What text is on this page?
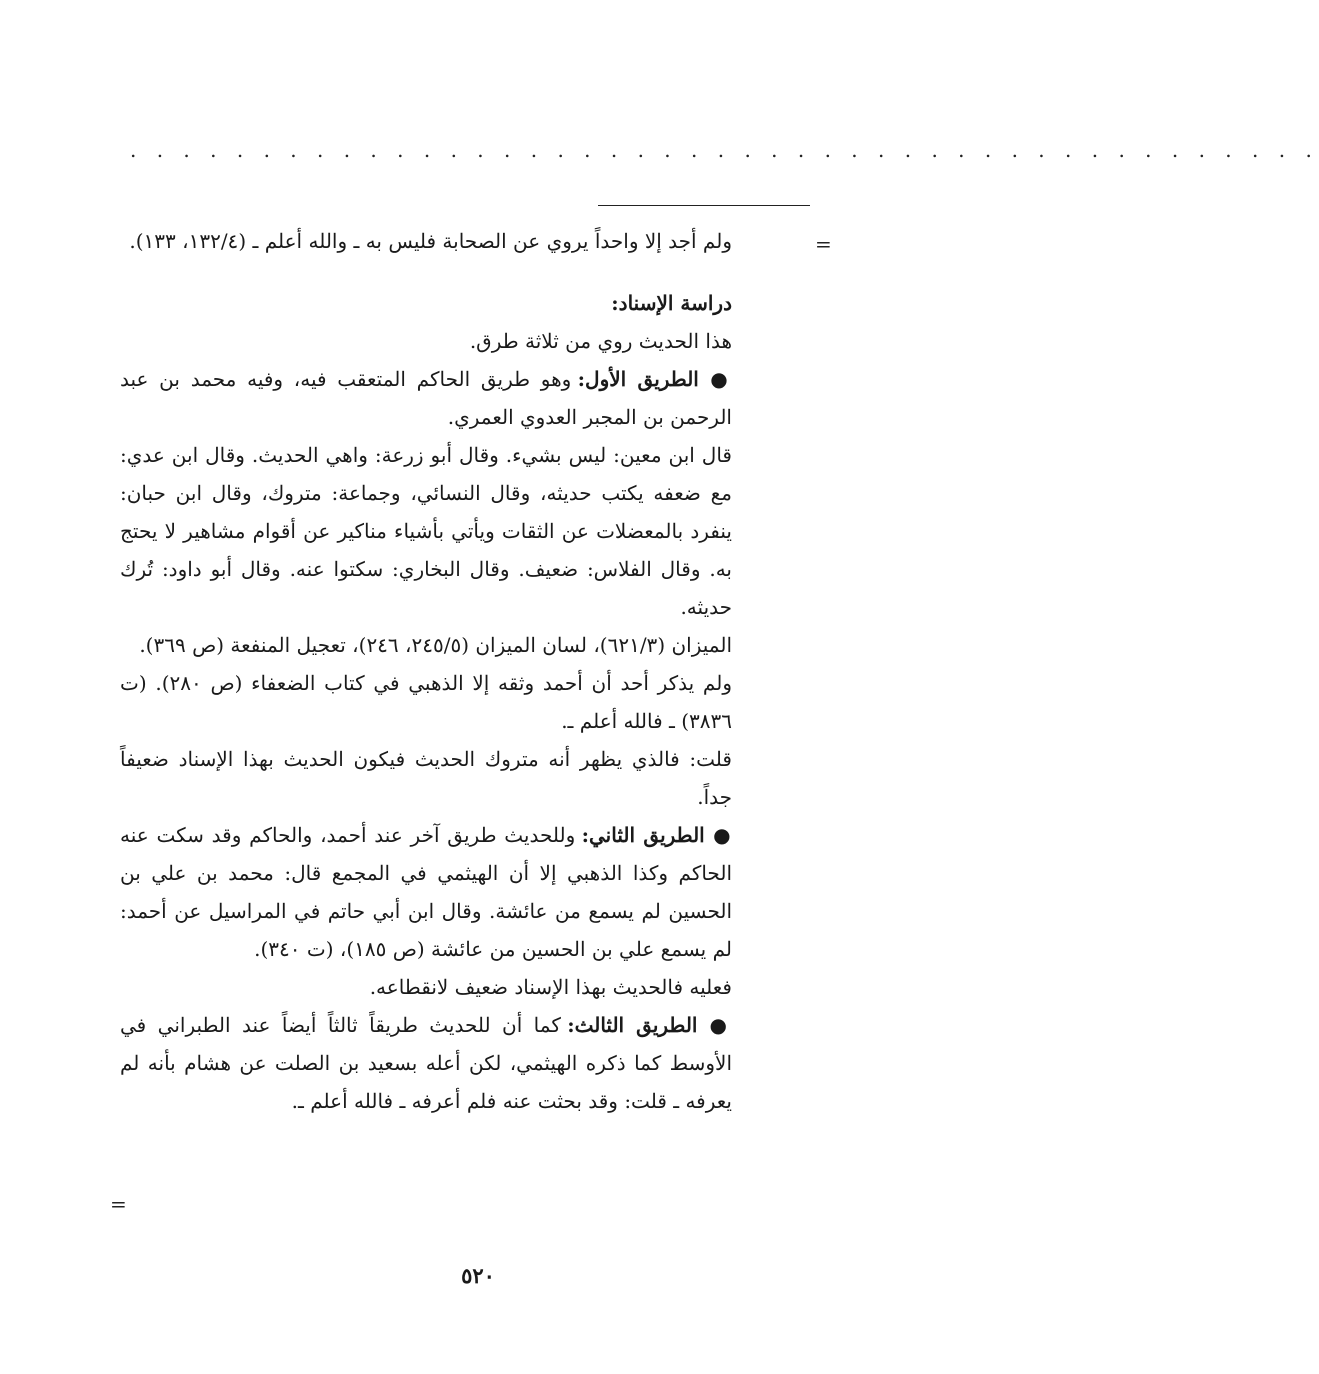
. . . . . . . . . . . . . . . . . . . . . . . . . . . . . . . . . . . . . . . . . . . . .
=

ولم أجد إلا واحداً يروي عن الصحابة فليس به ـ والله أعلم ـ (١٣٢/٤، ١٣٣).

دراسة الإسناد:

هذا الحديث روي من ثلاثة طرق.

● الطريق الأول: وهو طريق الحاكم المتعقب فيه، وفيه محمد بن عبد الرحمن بن المجبر العدوي العمري.

قال ابن معين: ليس بشيء. وقال أبو زرعة: واهي الحديث. وقال ابن عدي: مع ضعفه يكتب حديثه، وقال النسائي، وجماعة: متروك، وقال ابن حبان: ينفرد بالمعضلات عن الثقات ويأتي بأشياء مناكير عن أقوام مشاهير لا يحتج به. وقال الفلاس: ضعيف. وقال البخاري: سكتوا عنه. وقال أبو داود: تُرك حديثه.

الميزان (٦٢١/٣)، لسان الميزان (٢٤٥/٥، ٢٤٦)، تعجيل المنفعة (ص ٣٦٩).

ولم يذكر أحد أن أحمد وثقه إلا الذهبي في كتاب الضعفاء (ص ٢٨٠). (ت ٣٨٣٦) ـ فالله أعلم ـ.

قلت: فالذي يظهر أنه متروك الحديث فيكون الحديث بهذا الإسناد ضعيفاً جداً.

● الطريق الثاني: وللحديث طريق آخر عند أحمد، والحاكم وقد سكت عنه الحاكم وكذا الذهبي إلا أن الهيثمي في المجمع قال: محمد بن علي بن الحسين لم يسمع من عائشة. وقال ابن أبي حاتم في المراسيل عن أحمد: لم يسمع علي بن الحسين من عائشة (ص ١٨٥)، (ت ٣٤٠).

فعليه فالحديث بهذا الإسناد ضعيف لانقطاعه.

● الطريق الثالث: كما أن للحديث طريقاً ثالثاً أيضاً عند الطبراني في الأوسط كما ذكره الهيثمي، لكن أعله بسعيد بن الصلت عن هشام بأنه لم يعرفه ـ قلت: وقد بحثت عنه فلم أعرفه ـ فالله أعلم ـ.

=
٥٢٠
